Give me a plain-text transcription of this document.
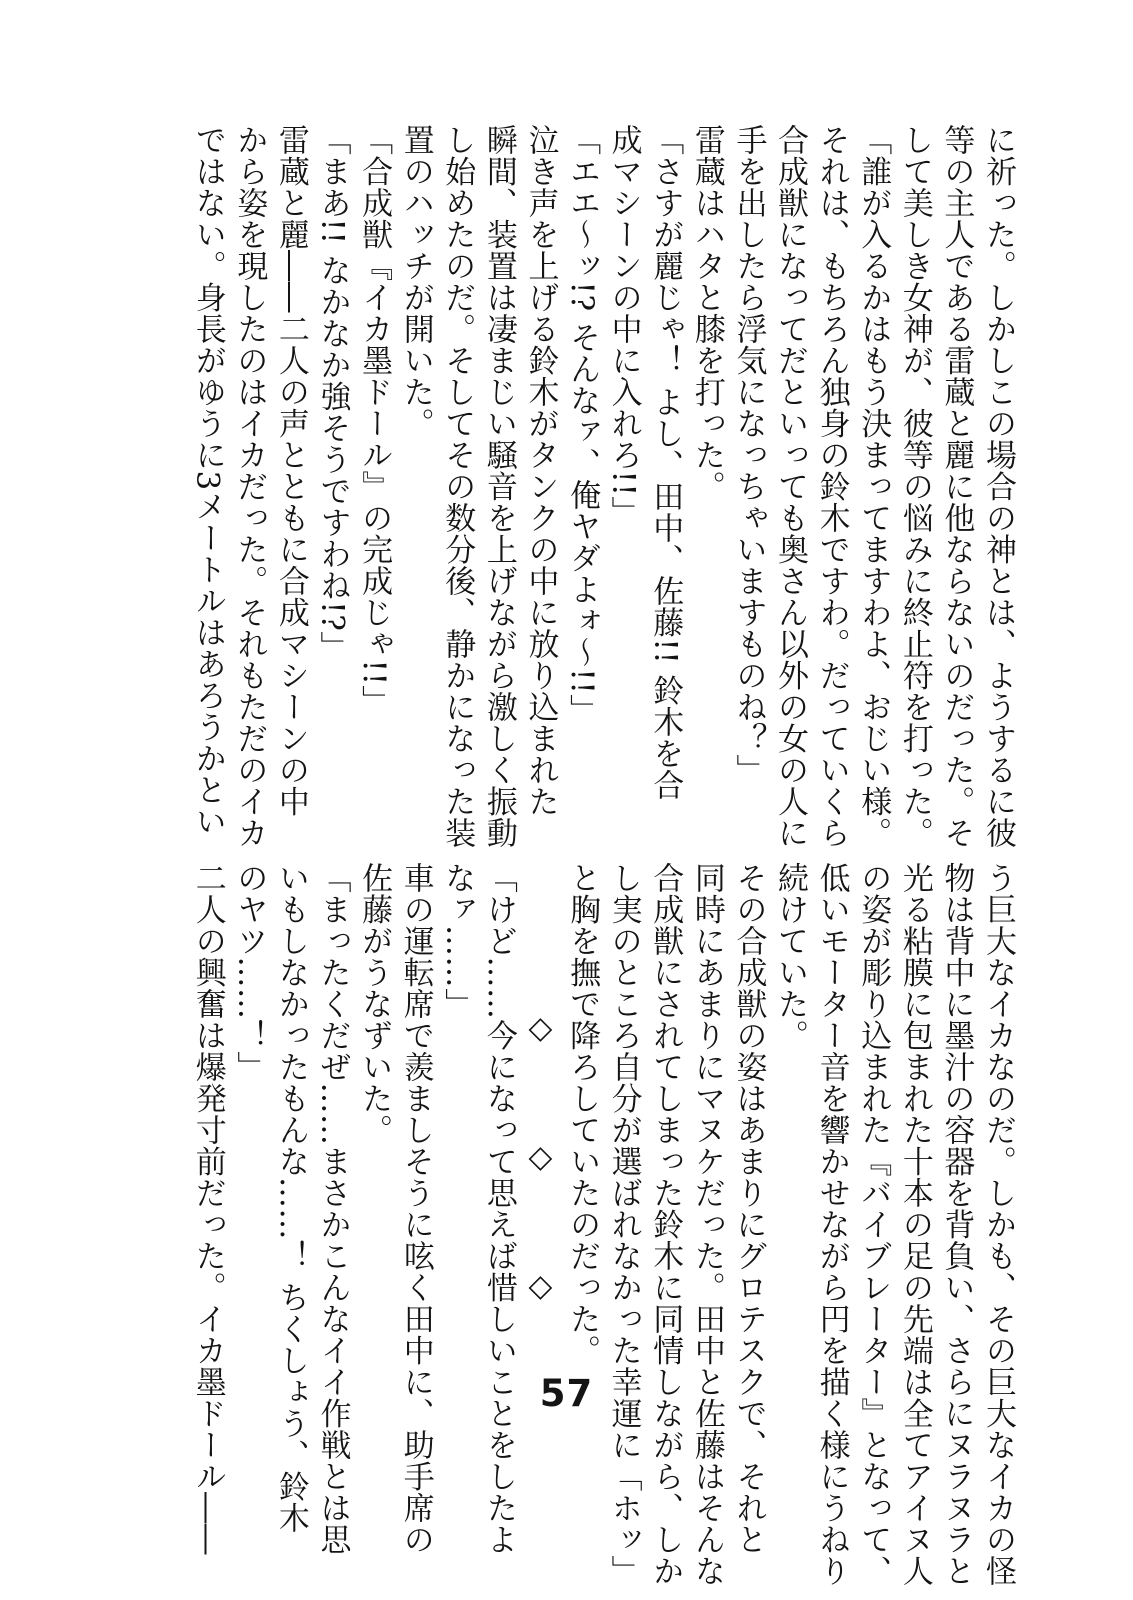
に祈った。しかしこの場合の神とは、ようするに彼
等の主人である雷蔵と麗に他ならないのだった。そ
して美しき女神が、彼等の悩みに終止符を打った。
「誰が入るかはもう決まってますわよ、おじい様。
それは、もちろん独身の鈴木ですわ。だっていくら
合成獣になってだといっても奥さん以外の女の人に
手を出したら浮気になっちゃいますものね？」
雷蔵はハタと膝を打った。
「さすが麗じゃ！ よし、田中、佐藤!! 鈴木を合
成マシーンの中に入れろ!!」
「エエ～ッ!? そんなァ、俺ヤダよォ～!!」
泣き声を上げる鈴木がタンクの中に放り込まれた
瞬間、装置は凄まじい騒音を上げながら激しく振動
し始めたのだ。そしてその数分後、静かになった装
置のハッチが開いた。
「合成獣『イカ墨ドール』の完成じゃ!!」
「まあ!! なかなか強そうですわね!?」
雷蔵と麗――二人の声とともに合成マシーンの中
から姿を現したのはイカだった。それもただのイカ
ではない。身長がゆうに3メートルはあろうかとい
う巨大なイカなのだ。しかも、その巨大なイカの怪
物は背中に墨汁の容器を背負い、さらにヌラヌラと
光る粘膜に包まれた十本の足の先端は全てアイヌ人
の姿が彫り込まれた『バイブレーター』となって、
低いモーター音を響かせながら円を描く様にうねり
続けていた。
その合成獣の姿はあまりにグロテスクで、それと
同時にあまりにマヌケだった。田中と佐藤はそんな
合成獣にされてしまった鈴木に同情しながら、しか
し実のところ自分が選ばれなかった幸運に「ホッ」
と胸を撫で降ろしていたのだった。
◇　　　◇　　　◇
「けど……今になって思えば惜しいことをしたよ
なァ……」
車の運転席で羨ましそうに呟く田中に、助手席の
佐藤がうなずいた。
「まったくだぜ……まさかこんなイイ作戦とは思
いもしなかったもんな……！ ちくしょう、鈴木
のヤツ……！」
二人の興奮は爆発寸前だった。イカ墨ドール――	57
